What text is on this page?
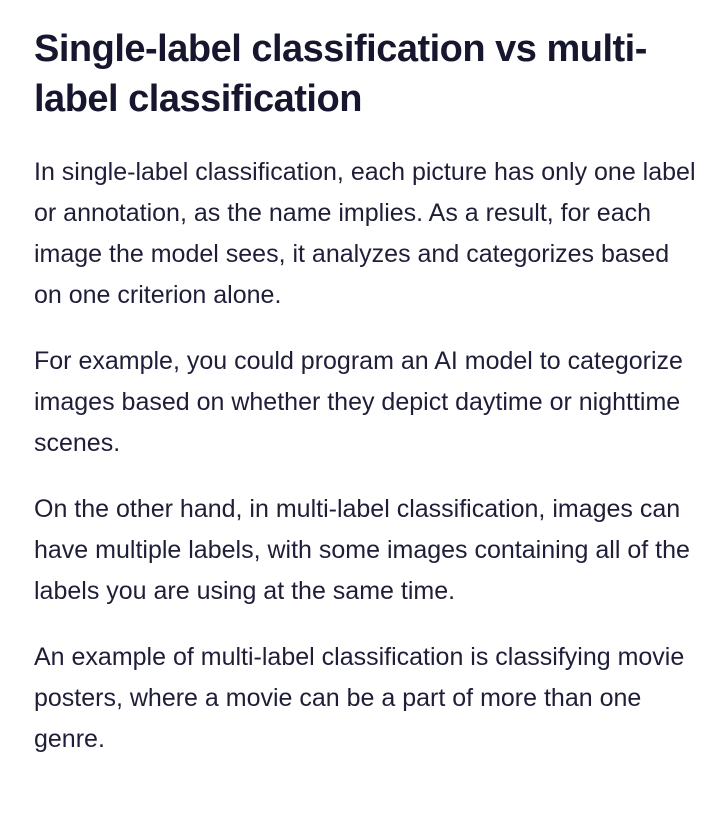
Single-label classification vs multi-label classification

In single-label classification, each picture has only one label or annotation, as the name implies. As a result, for each image the model sees, it analyzes and categorizes based on one criterion alone.

For example, you could program an AI model to categorize images based on whether they depict daytime or nighttime scenes.

On the other hand, in multi-label classification, images can have multiple labels, with some images containing all of the labels you are using at the same time.

An example of multi-label classification is classifying movie posters, where a movie can be a part of more than one genre.
